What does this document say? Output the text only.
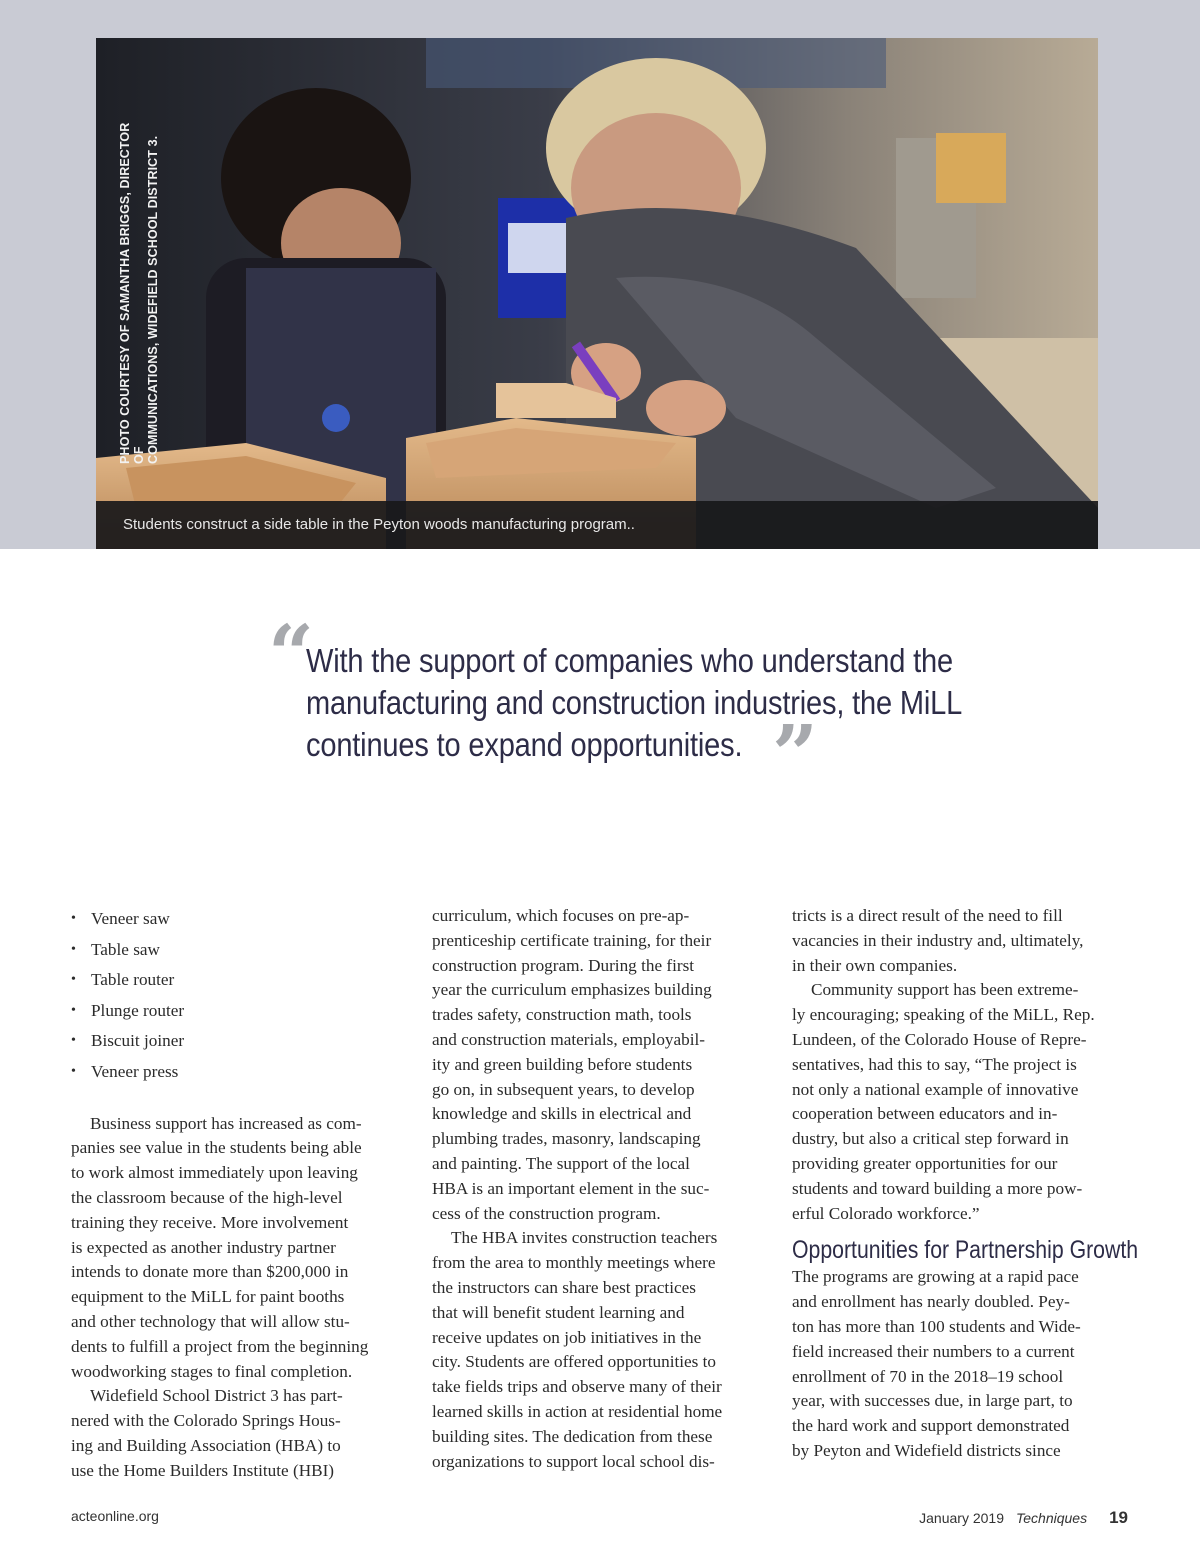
PHOTO COURTESY OF SAMANTHA BRIGGS, DIRECTOR OF COMMUNICATIONS, WIDEFIELD SCHOOL DISTRICT 3.
Students construct a side table in the Peyton woods manufacturing program..
“
With the support of companies who understand the
manufacturing and construction industries, the MiLL
continues to expand opportunities. ”
• Veneer saw
• Table saw
• Table router
• Plunge router
• Biscuit joiner
• Veneer press
Business support has increased as com-
panies see value in the students being able
to work almost immediately upon leaving
the classroom because of the high-level
training they receive. More involvement
is expected as another industry partner
intends to donate more than $200,000 in
equipment to the MiLL for paint booths
and other technology that will allow stu-
dents to fulfill a project from the beginning
woodworking stages to final completion.
Widefield School District 3 has part-
nered with the Colorado Springs Hous-
ing and Building Association (HBA) to
use the Home Builders Institute (HBI)
curriculum, which focuses on pre-ap-
prenticeship certificate training, for their
construction program. During the first
year the curriculum emphasizes building
trades safety, construction math, tools
and construction materials, employabil-
ity and green building before students
go on, in subsequent years, to develop
knowledge and skills in electrical and
plumbing trades, masonry, landscaping
and painting. The support of the local
HBA is an important element in the suc-
cess of the construction program.
The HBA invites construction teachers
from the area to monthly meetings where
the instructors can share best practices
that will benefit student learning and
receive updates on job initiatives in the
city. Students are offered opportunities to
take fields trips and observe many of their
learned skills in action at residential home
building sites. The dedication from these
organizations to support local school dis-
tricts is a direct result of the need to fill
vacancies in their industry and, ultimately,
in their own companies.
Community support has been extreme-
ly encouraging; speaking of the MiLL, Rep.
Lundeen, of the Colorado House of Repre-
sentatives, had this to say, “The project is
not only a national example of innovative
cooperation between educators and in-
dustry, but also a critical step forward in
providing greater opportunities for our
students and toward building a more pow-
erful Colorado workforce.”
Opportunities for Partnership Growth
The programs are growing at a rapid pace
and enrollment has nearly doubled. Pey-
ton has more than 100 students and Wide-
field increased their numbers to a current
enrollment of 70 in the 2018–19 school
year, with successes due, in large part, to
the hard work and support demonstrated
by Peyton and Widefield districts since
acteonline.org	January 2019 Techniques 19
